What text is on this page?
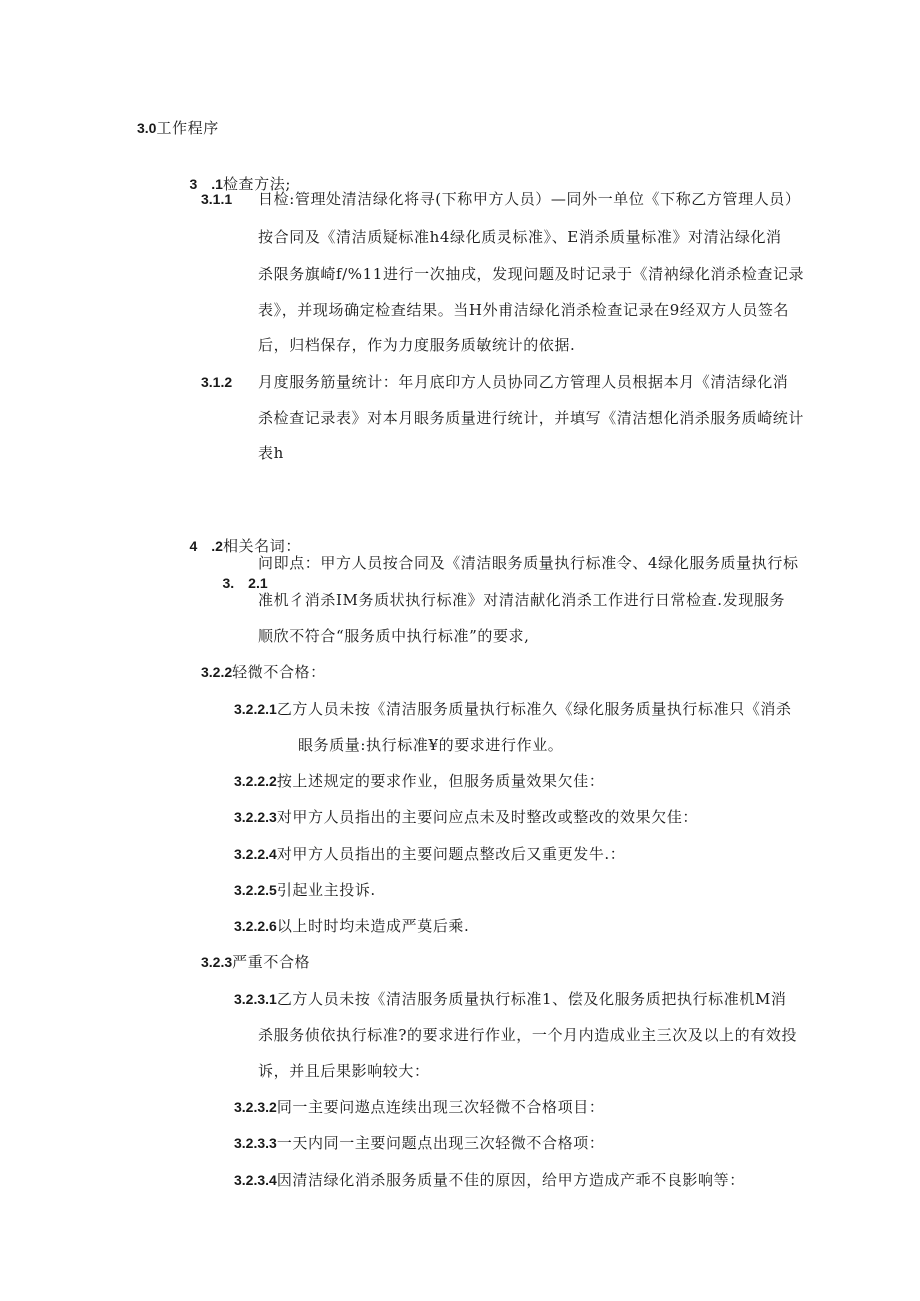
3.0工作程序

3　.1检查方法;

3.1.1 日检:管理处清洁绿化将寻(下称甲方人员）—同外一单位《下称乙方管理人员）
按合同及《清洁质疑标准h4绿化质灵标准》、E消杀质量标准》对清沾绿化消
杀限务旗崎f∕%11进行一次抽戌，发现问题及时记录于《清衲绿化消杀检查记录
表》，并现场确定检查结果。当H外甫洁绿化消杀检查记录在9经双方人员签名
后，归档保存，作为力度服务质敏统计的依据.
3.1.2 月度服务筋量统计：年月底印方人员协同乙方管理人员根据本月《清洁绿化消
杀检查记录表》对本月眼务质量进行统计，并填写《清洁想化消杀服务质崎统计
表h

4　.2相关名词：

3.　2.1

问即点：甲方人员按合同及《清洁眼务质量执行标准令、4绿化服务质量执行标
准机彳消杀IM务质状执行标准》对清洁献化消杀工作进行日常检查.发现服务
顺欣不符合“服务质中执行标准”的要求,
3.2.2轻微不合格：
3.2.2.1乙方人员未按《清洁服务质量执行标准久《绿化服务质量执行标准只《消杀
眼务质量:执行标准¥的要求进行作业。
3.2.2.2按上述规定的要求作业，但服务质量效果欠佳：
3.2.2.3对甲方人员指出的主要问应点未及时整改或整改的效果欠佳：
3.2.2.4对甲方人员指出的主要问题点整改后又重更发牛.：
3.2.2.5引起业主投诉.
3.2.2.6以上时时均未造成严莫后乘.
3.2.3严重不合格
3.2.3.1乙方人员未按《清洁服务质量执行标准1、偿及化服务质把执行标准机M消
杀服务侦依执行标准?的要求进行作业，一个月内造成业主三次及以上的有效投
诉，并且后果影响较大：
3.2.3.2同一主要问遨点连续出现三次轻微不合格项目：
3.2.3.3一天内同一主要问题点出现三次轻微不合格项：
3.2.3.4因清洁绿化消杀服务质量不佳的原因，给甲方造成产乖不良影响等：
